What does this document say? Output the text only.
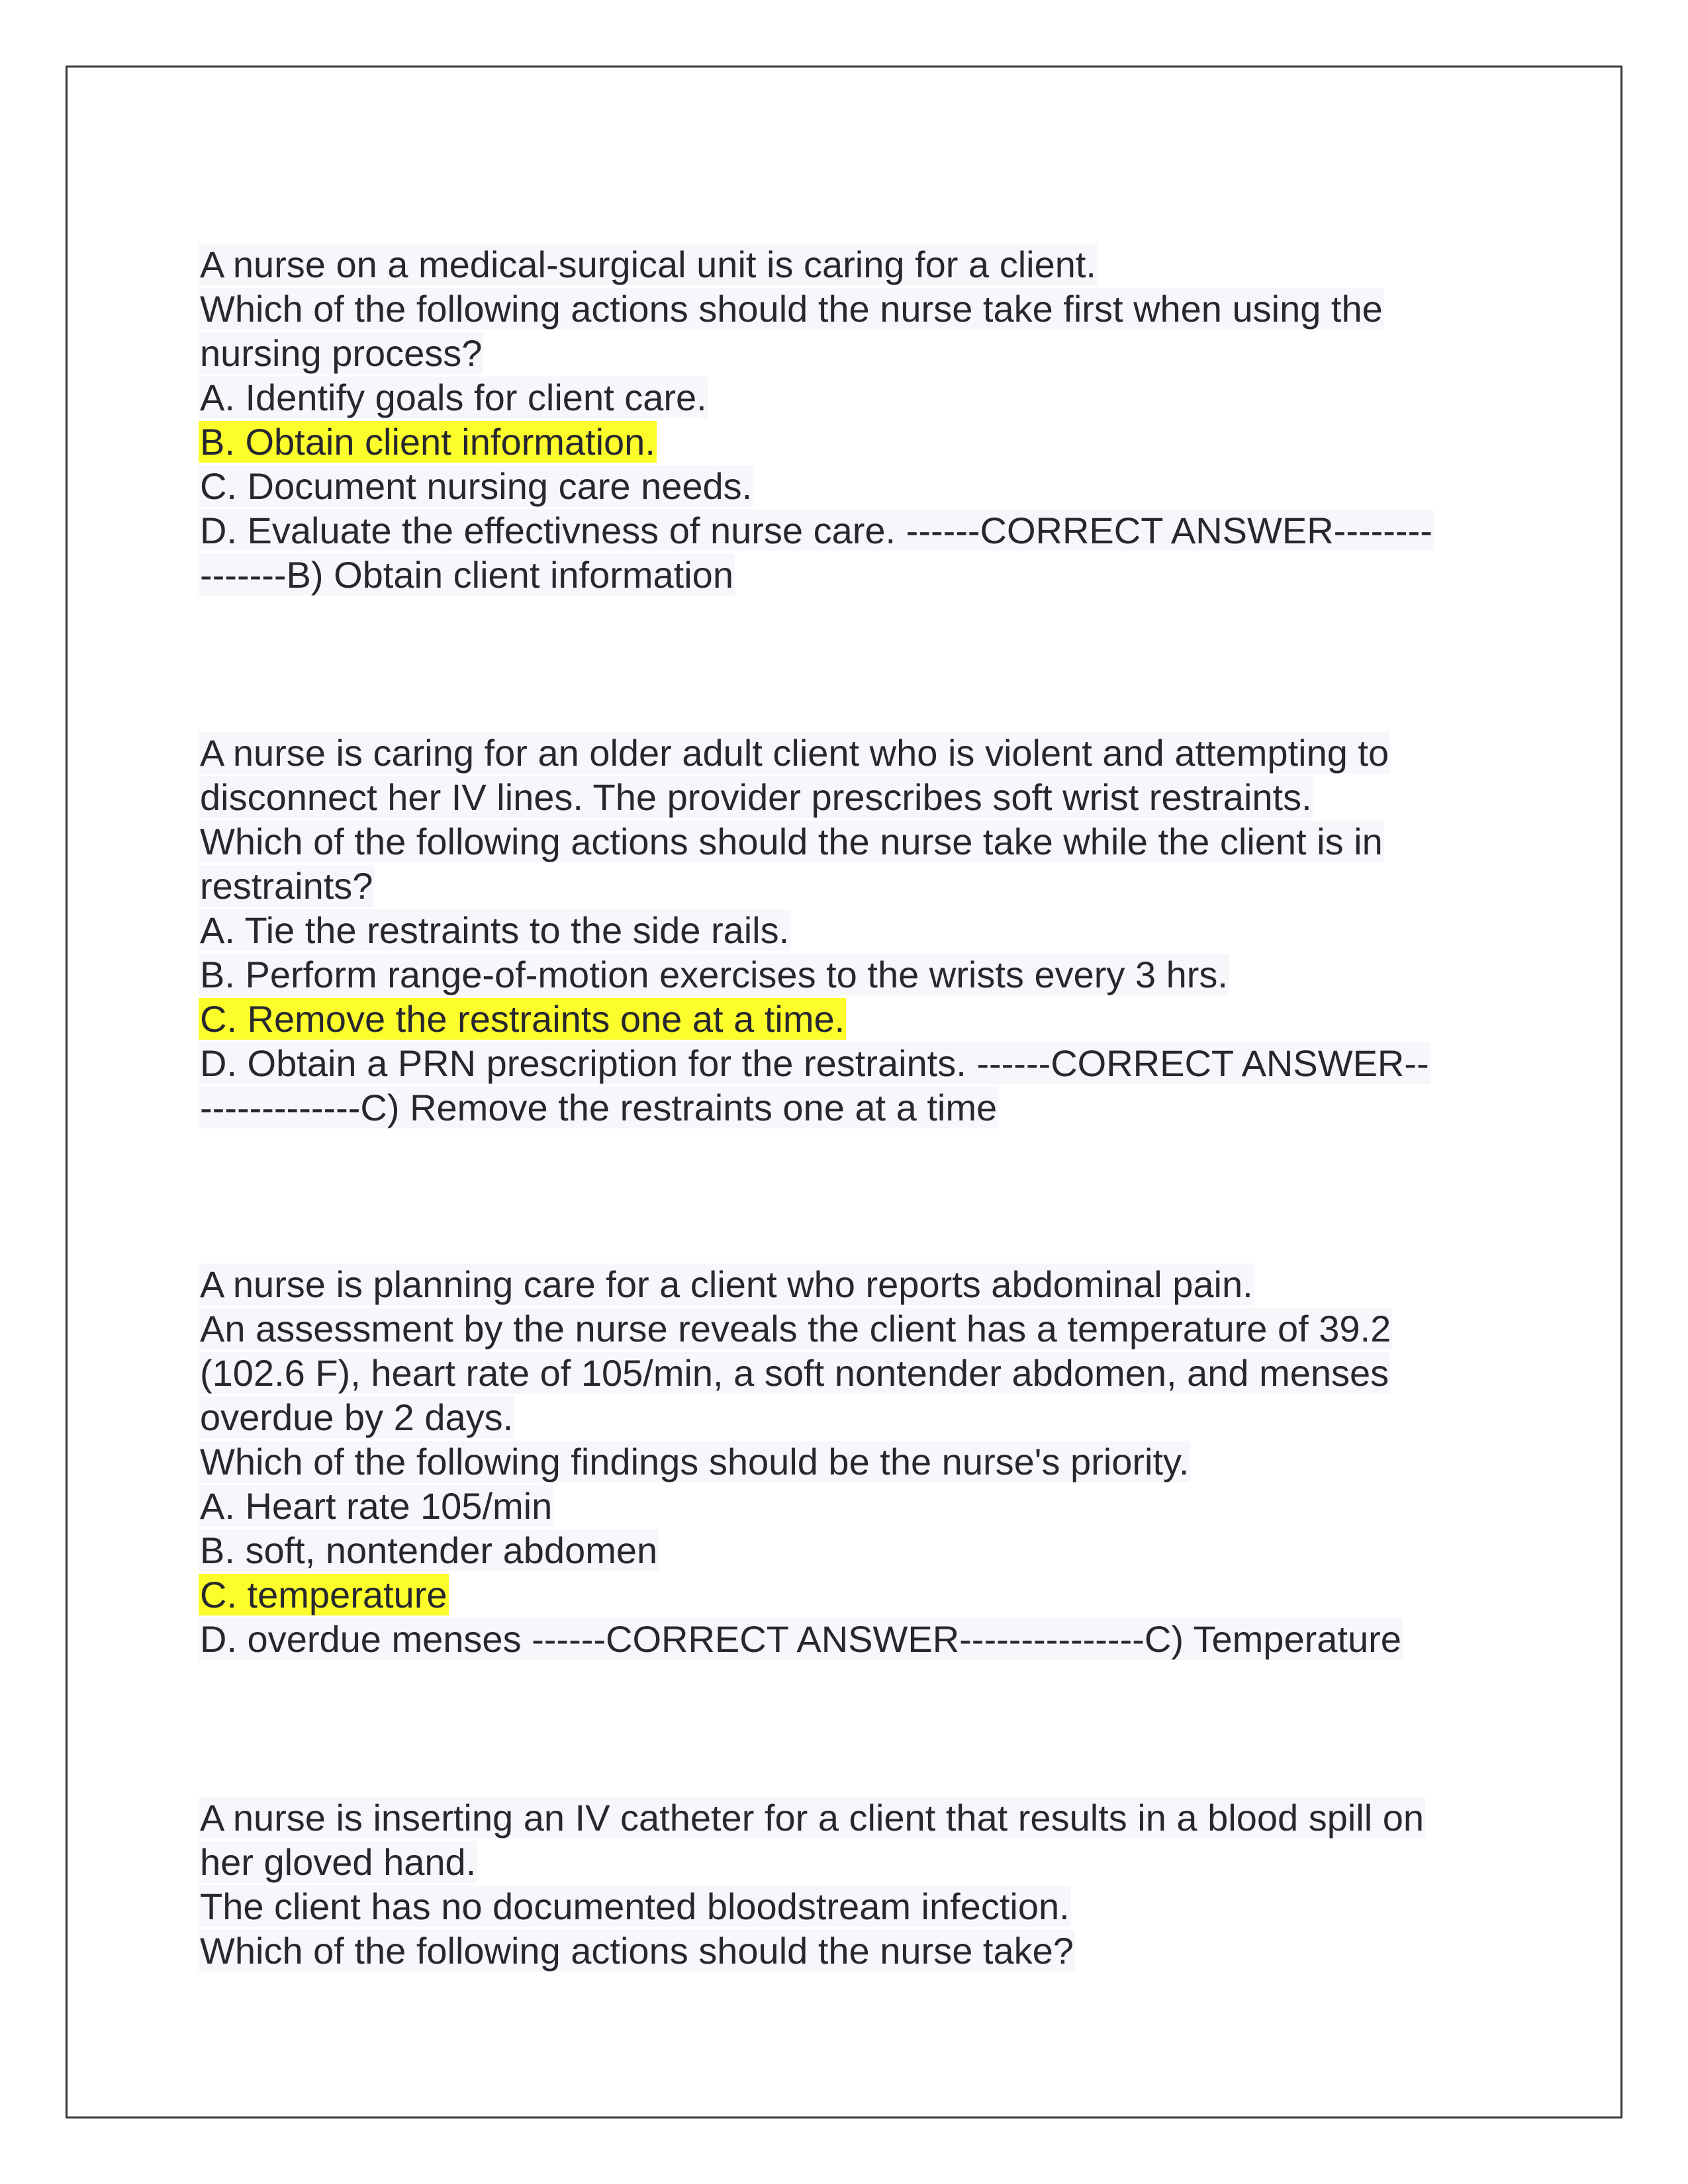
A nurse on a medical-surgical unit is caring for a client.
Which of the following actions should the nurse take first when using the
nursing process?
A. Identify goals for client care.
B. Obtain client information.
C. Document nursing care needs.
D. Evaluate the effectivness of nurse care. ------CORRECT ANSWER--------
-------B) Obtain client information
A nurse is caring for an older adult client who is violent and attempting to
disconnect her IV lines. The provider prescribes soft wrist restraints.
Which of the following actions should the nurse take while the client is in
restraints?
A. Tie the restraints to the side rails.
B. Perform range-of-motion exercises to the wrists every 3 hrs.
C. Remove the restraints one at a time.
D. Obtain a PRN prescription for the restraints. ------CORRECT ANSWER--
-------------C) Remove the restraints one at a time
A nurse is planning care for a client who reports abdominal pain.
An assessment by the nurse reveals the client has a temperature of 39.2
(102.6 F), heart rate of 105/min, a soft nontender abdomen, and menses
overdue by 2 days.
Which of the following findings should be the nurse's priority.
A. Heart rate 105/min
B. soft, nontender abdomen
C. temperature
D. overdue menses ------CORRECT ANSWER---------------C) Temperature
A nurse is inserting an IV catheter for a client that results in a blood spill on
her gloved hand.
The client has no documented bloodstream infection.
Which of the following actions should the nurse take?
